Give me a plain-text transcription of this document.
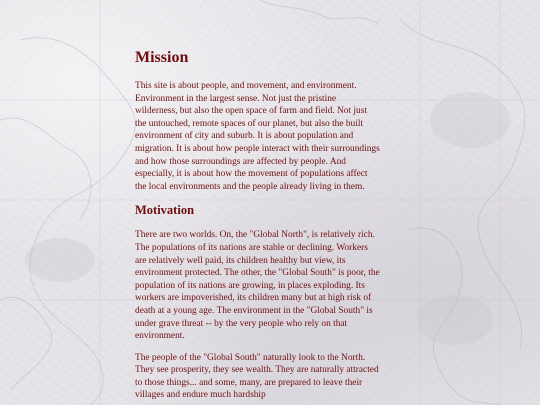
Mission

This site is about people, and movement, and environment. Environment in the largest sense. Not just the pristine wilderness, but also the open space of farm and field. Not just the untouched, remote spaces of our planet, but also the built environment of city and suburb. It is about population and migration. It is about how people interact with their surroundings and how those surroundings are affected by people. And especially, it is about how the movement of populations affect the local environments and the people already living in them.

Motivation

There are two worlds. On, the "Global North", is relatively rich. The populations of its nations are stable or declining. Workers are relatively well paid, its children healthy but view, its environment protected. The other, the "Global South" is poor, the population of its nations are growing, in places exploding. Its workers are impoverished, its children many but at high risk of death at a young age. The environment in the "Global South" is under grave threat -- by the very people who rely on that environment.

The people of the "Global South" naturally look to the North. They see prosperity, they see wealth. They are naturally attracted to those things... and some, many, are prepared to leave their villages and endure much hardship
